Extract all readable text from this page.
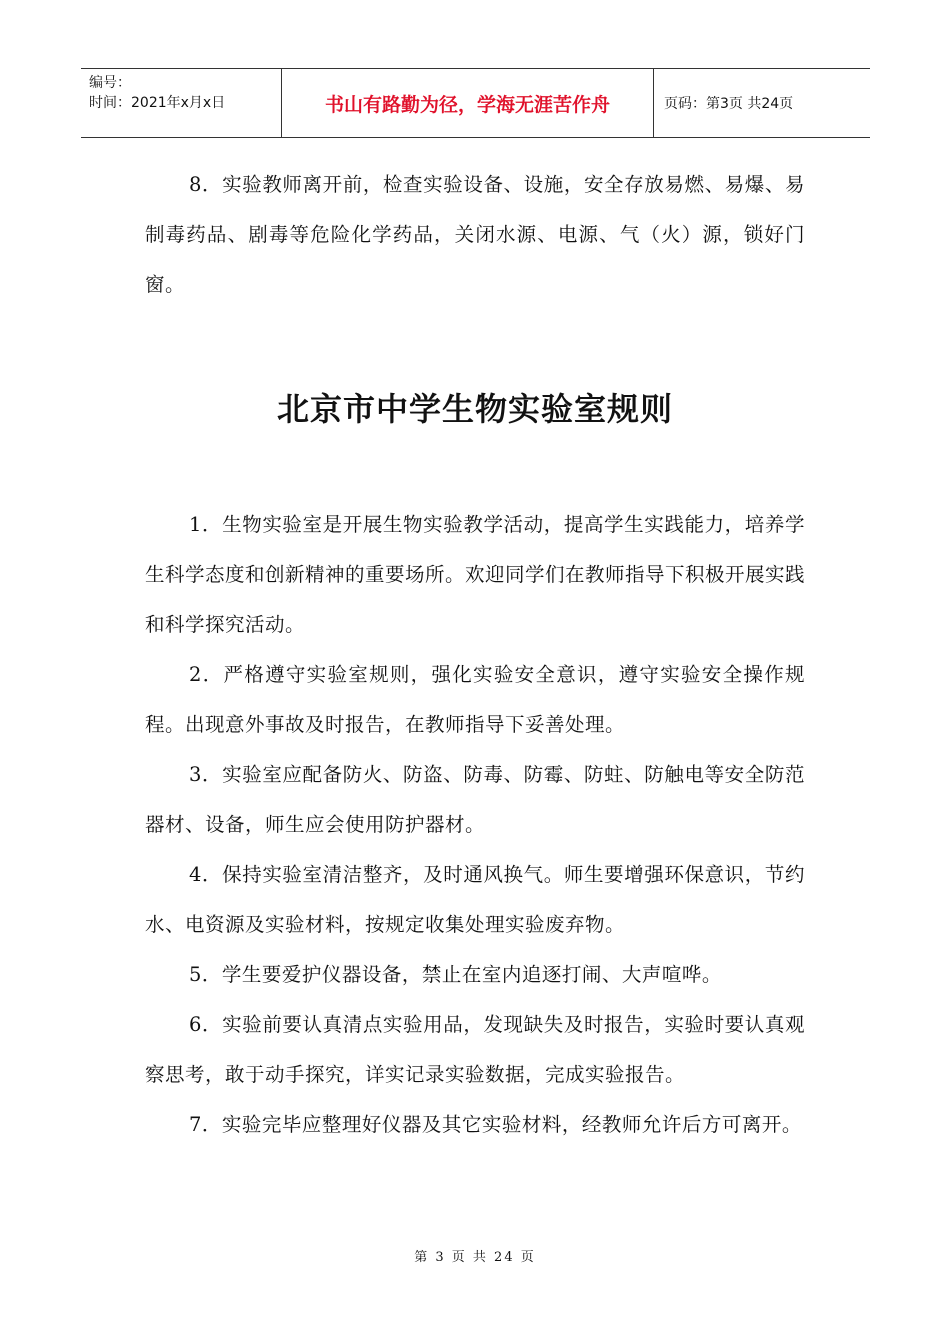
编号：
时间：2021年x月x日	书山有路勤为径，学海无涯苦作舟	页码：第3页 共24页

8．实验教师离开前，检查实验设备、设施，安全存放易燃、易爆、易制毒药品、剧毒等危险化学药品，关闭水源、电源、气（火）源，锁好门窗。

北京市中学生物实验室规则

1．生物实验室是开展生物实验教学活动，提高学生实践能力，培养学生科学态度和创新精神的重要场所。欢迎同学们在教师指导下积极开展实践和科学探究活动。

2．严格遵守实验室规则，强化实验安全意识，遵守实验安全操作规程。出现意外事故及时报告，在教师指导下妥善处理。

3．实验室应配备防火、防盗、防毒、防霉、防蛀、防触电等安全防范器材、设备，师生应会使用防护器材。

4．保持实验室清洁整齐，及时通风换气。师生要增强环保意识，节约水、电资源及实验材料，按规定收集处理实验废弃物。

5．学生要爱护仪器设备，禁止在室内追逐打闹、大声喧哗。

6．实验前要认真清点实验用品，发现缺失及时报告，实验时要认真观察思考，敢于动手探究，详实记录实验数据，完成实验报告。

7．实验完毕应整理好仪器及其它实验材料，经教师允许后方可离开。

第 3 页 共 24 页
